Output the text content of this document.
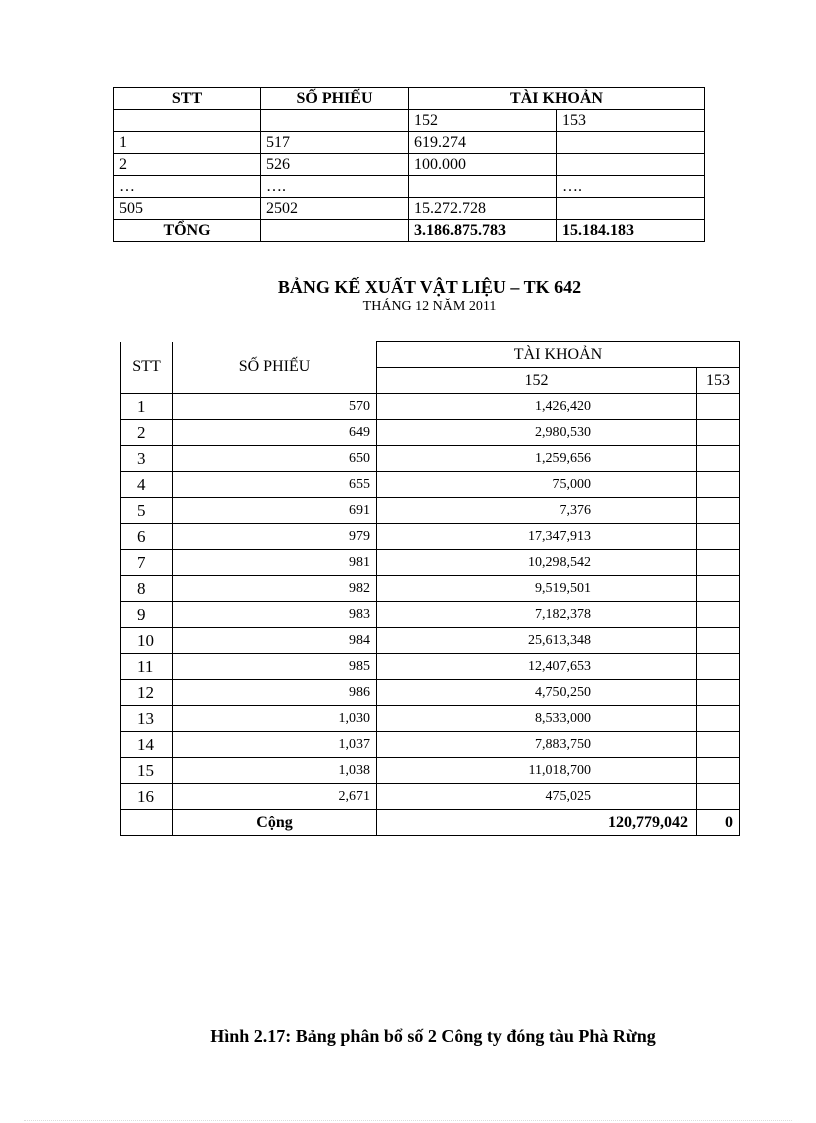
STT	SỐ PHIẾU	TÀI KHOẢN	
		152	153
1	517	619.274	
2	526	100.000	
…	….		….
505	2502	15.272.728	
TỔNG		3.186.875.783	15.184.183
BẢNG KẾ XUẤT VẬT LIỆU – TK 642
THÁNG 12 NĂM 2011
STT	SỐ PHIẾU	TÀI KHOẢN	
		152	153
1	570	1,426,420	
2	649	2,980,530	
3	650	1,259,656	
4	655	75,000	
5	691	7,376	
6	979	17,347,913	
7	981	10,298,542	
8	982	9,519,501	
9	983	7,182,378	
10	984	25,613,348	
11	985	12,407,653	
12	986	4,750,250	
13	1,030	8,533,000	
14	1,037	7,883,750	
15	1,038	11,018,700	
16	2,671	475,025	
	Cộng	120,779,042	0
Hình 2.17: Bảng phân bổ số 2 Công ty đóng tàu Phà Rừng
